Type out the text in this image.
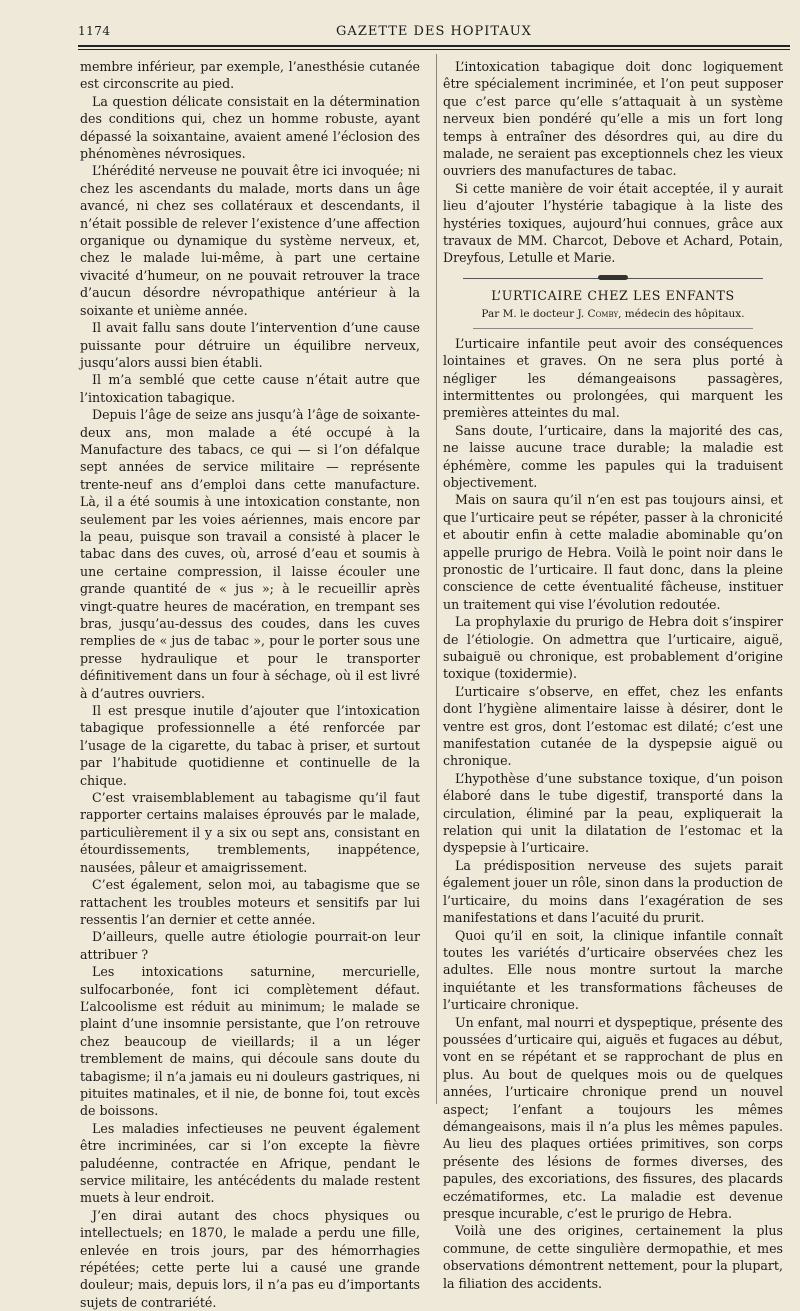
1174	GAZETTE DES HOPITAUX

membre inférieur, par exemple, l’anesthésie cutanée est circonscrite au pied.

La question délicate consistait en la détermination des conditions qui, chez un homme robuste, ayant dépassé la soixantaine, avaient amené l’éclosion des phénomènes névrosiques.

L’hérédité nerveuse ne pouvait être ici invoquée; ni chez les ascendants du malade, morts dans un âge avancé, ni chez ses collatéraux et descendants, il n’était possible de relever l’existence d’une affection organique ou dynamique du système nerveux, et, chez le malade lui-même, à part une certaine vivacité d’humeur, on ne pouvait retrouver la trace d’aucun désordre névropathique antérieur à la soixante et unième année.

Il avait fallu sans doute l’intervention d’une cause puissante pour détruire un équilibre nerveux, jusqu’alors aussi bien établi.

Il m’a semblé que cette cause n’était autre que l’intoxication tabagique.

Depuis l’âge de seize ans jusqu’à l’âge de soixante-deux ans, mon malade a été occupé à la Manufacture des tabacs, ce qui — si l’on défalque sept années de service militaire — représente trente-neuf ans d’emploi dans cette manufacture. Là, il a été soumis à une intoxication constante, non seulement par les voies aériennes, mais encore par la peau, puisque son travail a consisté à placer le tabac dans des cuves, où, arrosé d’eau et soumis à une certaine compression, il laisse écouler une grande quantité de « jus »; à le recueillir après vingt-quatre heures de macération, en trempant ses bras, jusqu’au-dessus des coudes, dans les cuves remplies de « jus de tabac », pour le porter sous une presse hydraulique et pour le transporter définitivement dans un four à séchage, où il est livré à d’autres ouvriers.

Il est presque inutile d’ajouter que l’intoxication tabagique professionnelle a été renforcée par l’usage de la cigarette, du tabac à priser, et surtout par l’habitude quotidienne et continuelle de la chique.

C’est vraisemblablement au tabagisme qu’il faut rapporter certains malaises éprouvés par le malade, particulièrement il y a six ou sept ans, consistant en étourdissements, tremblements, inappétence, nausées, pâleur et amaigrissement.

C’est également, selon moi, au tabagisme que se rattachent les troubles moteurs et sensitifs par lui ressentis l’an dernier et cette année.

D’ailleurs, quelle autre étiologie pourrait-on leur attribuer ?

Les intoxications saturnine, mercurielle, sulfocarbonée, font ici complètement défaut. L’alcoolisme est réduit au minimum; le malade se plaint d’une insomnie persistante, que l’on retrouve chez beaucoup de vieillards; il a un léger tremblement de mains, qui découle sans doute du tabagisme; il n’a jamais eu ni douleurs gastriques, ni pituites matinales, et il nie, de bonne foi, tout excès de boissons.

Les maladies infectieuses ne peuvent également être incriminées, car si l’on excepte la fièvre paludéenne, contractée en Afrique, pendant le service militaire, les antécédents du malade restent muets à leur endroit.

J’en dirai autant des chocs physiques ou intellectuels; en 1870, le malade a perdu une fille, enlevée en trois jours, par des hémorrhagies répétées; cette perte lui a causé une grande douleur; mais, depuis lors, il n’a pas eu d’importants sujets de contrariété.

L’intoxication tabagique doit donc logiquement être spécialement incriminée, et l’on peut supposer que c’est parce qu’elle s’attaquait à un système nerveux bien pondéré qu’elle a mis un fort long temps à entraîner des désordres qui, au dire du malade, ne seraient pas exceptionnels chez les vieux ouvriers des manufactures de tabac.

Si cette manière de voir était acceptée, il y aurait lieu d’ajouter l’hystérie tabagique à la liste des hystéries toxiques, aujourd’hui connues, grâce aux travaux de MM. Charcot, Debove et Achard, Potain, Dreyfous, Letulle et Marie.

L’URTICAIRE CHEZ LES ENFANTS
Par M. le docteur J. Comby, médecin des hôpitaux.

L’urticaire infantile peut avoir des conséquences lointaines et graves. On ne sera plus porté à négliger les démangeaisons passagères, intermittentes ou prolongées, qui marquent les premières atteintes du mal.

Sans doute, l’urticaire, dans la majorité des cas, ne laisse aucune trace durable; la maladie est éphémère, comme les papules qui la traduisent objectivement.

Mais on saura qu’il n’en est pas toujours ainsi, et que l’urticaire peut se répéter, passer à la chronicité et aboutir enfin à cette maladie abominable qu’on appelle prurigo de Hebra. Voilà le point noir dans le pronostic de l’urticaire. Il faut donc, dans la pleine conscience de cette éventualité fâcheuse, instituer un traitement qui vise l’évolution redoutée.

La prophylaxie du prurigo de Hebra doit s’inspirer de l’étiologie. On admettra que l’urticaire, aiguë, subaiguë ou chronique, est probablement d’origine toxique (toxidermie).

L’urticaire s’observe, en effet, chez les enfants dont l’hygiène alimentaire laisse à désirer, dont le ventre est gros, dont l’estomac est dilaté; c’est une manifestation cutanée de la dyspepsie aiguë ou chronique.

L’hypothèse d’une substance toxique, d’un poison élaboré dans le tube digestif, transporté dans la circulation, éliminé par la peau, expliquerait la relation qui unit la dilatation de l’estomac et la dyspepsie à l’urticaire.

La prédisposition nerveuse des sujets parait également jouer un rôle, sinon dans la production de l’urticaire, du moins dans l’exagération de ses manifestations et dans l’acuité du prurit.

Quoi qu’il en soit, la clinique infantile connaît toutes les variétés d’urticaire observées chez les adultes. Elle nous montre surtout la marche inquiétante et les transformations fâcheuses de l’urticaire chronique.

Un enfant, mal nourri et dyspeptique, présente des poussées d’urticaire qui, aiguës et fugaces au début, vont en se répétant et se rapprochant de plus en plus. Au bout de quelques mois ou de quelques années, l’urticaire chronique prend un nouvel aspect; l’enfant a toujours les mêmes démangeaisons, mais il n’a plus les mêmes papules. Au lieu des plaques ortiées primitives, son corps présente des lésions de formes diverses, des papules, des excoriations, des fissures, des placards eczématiformes, etc. La maladie est devenue presque incurable, c’est le prurigo de Hebra.

Voilà une des origines, certainement la plus commune, de cette singulière dermopathie, et mes observations démontrent nettement, pour la plupart, la filiation des accidents.
